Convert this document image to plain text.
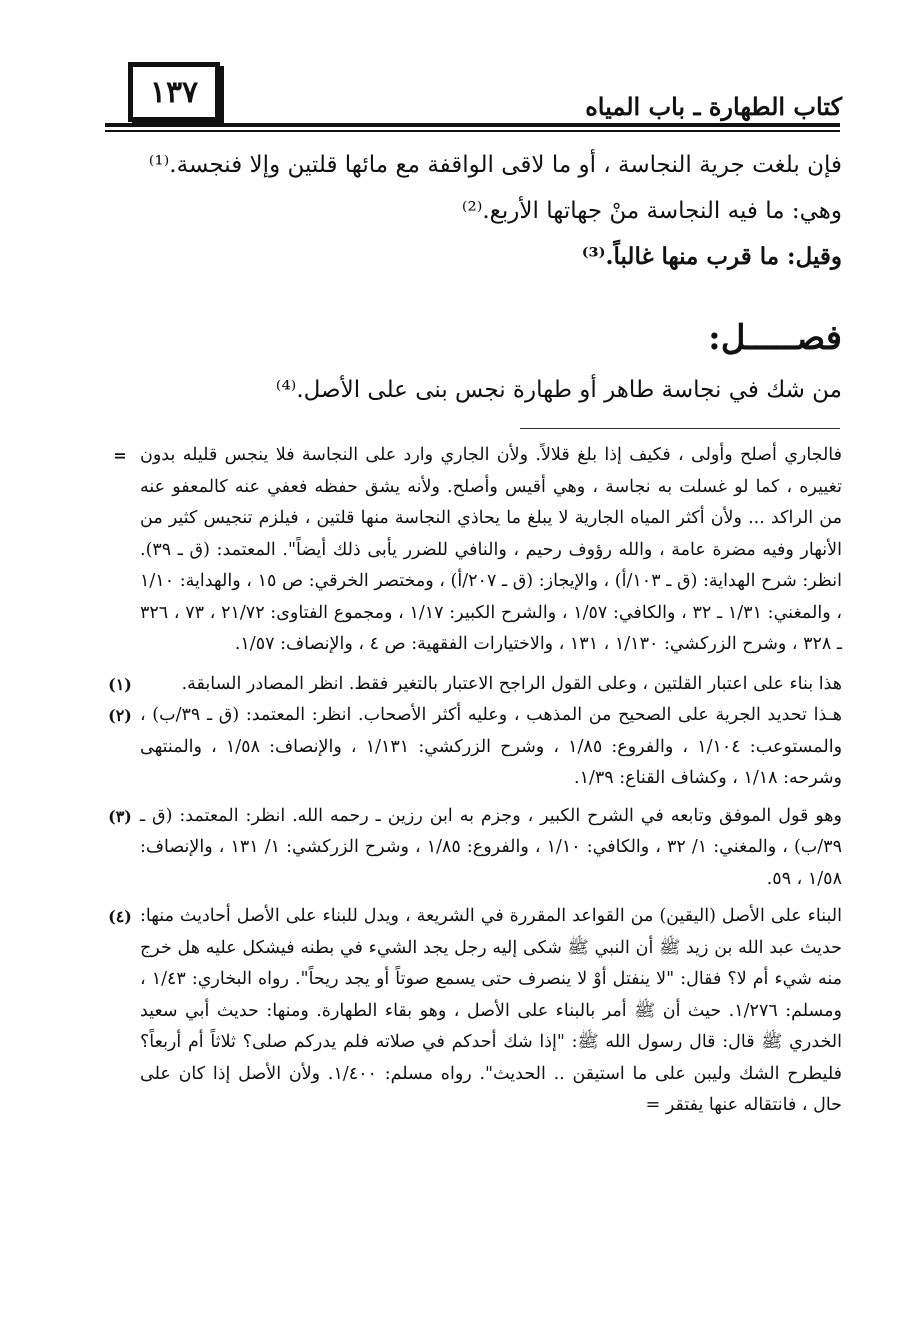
١٣٧	كتاب الطهارة ـ باب المياه

فإن بلغت جرية النجاسة ، أو ما لاقى الواقفة مع مائها قلتين وإلا فنجسة.⁽¹⁾

وهي: ما فيه النجاسة منْ جهاتها الأربع.⁽²⁾

وقيل: ما قرب منها غالباً.⁽³⁾

فصـــــل:
من شك في نجاسة طاهر أو طهارة نجس بنى على الأصل.⁽⁴⁾
فالجاري أصلح وأولى ، فكيف إذا بلغ قلالاً. ولأن الجاري وارد على النجاسة فلا ينجس قليله بدون تغييره ، كما لو غسلت به نجاسة ، وهي أقيس وأصلح. ولأنه يشق حفظه فعفي عنه كالمعفو عنه من الراكد ... ولأن أكثر المياه الجارية لا يبلغ ما يحاذي النجاسة منها قلتين ، فيلزم تنجيس كثير من الأنهار وفيه مضرة عامة ، والله رؤوف رحيم ، والنافي للضرر يأبى ذلك أيضاً". المعتمد: (ق ـ ٣٩). انظر: شرح الهداية: (ق ـ ١٠٣/أ) ، والإيجاز: (ق ـ ٢٠٧/أ) ، ومختصر الخرقي: ص ١٥ ، والهداية: ١/١٠ ، والمغني: ١/٣١ ـ ٣٢ ، والكافي: ١/٥٧ ، والشرح الكبير: ١/١٧ ، ومجموع الفتاوى: ٢١/٧٢ ، ٧٣ ، ٣٢٦ ـ ٣٢٨ ، وشرح الزركشي: ١/١٣٠ ، ١٣١ ، والاختيارات الفقهية: ص ٤ ، والإنصاف: ١/٥٧.
=
هذا بناء على اعتبار القلتين ، وعلى القول الراجح الاعتبار بالتغير فقط. انظر المصادر السابقة.
(١)
هـذا تحديد الجرية على الصحيح من المذهب ، وعليه أكثر الأصحاب. انظر: المعتمد: (ق ـ ٣٩/ب) ، والمستوعب: ١/١٠٤ ، والفروع: ١/٨٥ ، وشرح الزركشي: ١/١٣١ ، والإنصاف: ١/٥٨ ، والمنتهى وشرحه: ١/١٨ ، وكشاف القناع: ١/٣٩.
(٢)
وهو قول الموفق وتابعه في الشرح الكبير ، وجزم به ابن رزين ـ رحمه الله. انظر: المعتمد: (ق ـ ٣٩/ب) ، والمغني: ١/ ٣٢ ، والكافي: ١/١٠ ، والفروع: ١/٨٥ ، وشرح الزركشي: ١/ ١٣١ ، والإنصاف: ١/٥٨ ، ٥٩.
(٣)
البناء على الأصل (اليقين) من القواعد المقررة في الشريعة ، ويدل للبناء على الأصل أحاديث منها: حديث عبد الله بن زيد ﷺ أن النبي ﷺ شكى إليه رجل يجد الشيء في بطنه فيشكل عليه هل خرج منه شيء أم لا؟ فقال: "لا ينفتل أوْ لا ينصرف حتى يسمع صوتاً أو يجد ريحاً". رواه البخاري: ١/٤٣ ، ومسلم: ١/٢٧٦. حيث أن ﷺ أمر بالبناء على الأصل ، وهو بقاء الطهارة. ومنها: حديث أبي سعيد الخدري ﷺ قال: قال رسول الله ﷺ: "إذا شك أحدكم في صلاته فلم يدركم صلى؟ ثلاثاً أم أربعاً؟ فليطرح الشك وليبن على ما استيقن .. الحديث". رواه مسلم: ١/٤٠٠. ولأن الأصل إذا كان على حال ، فانتقاله عنها يفتقر =
(٤)
